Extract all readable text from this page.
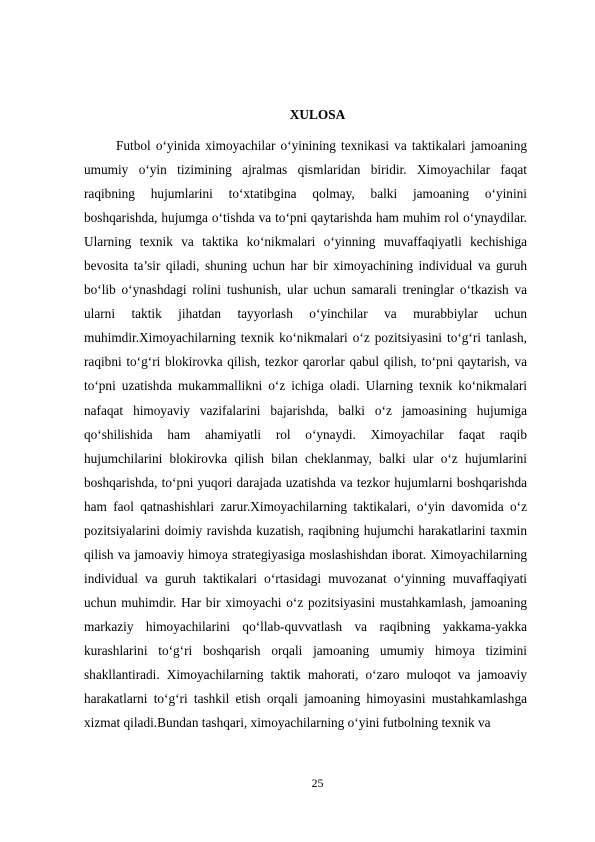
XULOSA

Futbol o‘yinida ximoyachilar o‘yinining texnikasi va taktikalari jamoaning umumiy o‘yin tizimining ajralmas qismlaridan biridir. Ximoyachilar faqat raqibning hujumlarini to‘xtatibgina qolmay, balki jamoaning o‘yinini boshqarishda, hujumga o‘tishda va to‘pni qaytarishda ham muhim rol o‘ynaydilar. Ularning texnik va taktika ko‘nikmalari o‘yinning muvaffaqiyatli kechishiga bevosita ta’sir qiladi, shuning uchun har bir ximoyachining individual va guruh bo‘lib o‘ynashdagi rolini tushunish, ular uchun samarali treninglar o‘tkazish va ularni taktik jihatdan tayyorlash o‘yinchilar va murabbiylar uchun muhimdir.Ximoyachilarning texnik ko‘nikmalari o‘z pozitsiyasini to‘g‘ri tanlash, raqibni to‘g‘ri blokirovka qilish, tezkor qarorlar qabul qilish, to‘pni qaytarish, va to‘pni uzatishda mukammallikni o‘z ichiga oladi. Ularning texnik ko‘nikmalari nafaqat himoyaviy vazifalarini bajarishda, balki o‘z jamoasining hujumiga qo‘shilishida ham ahamiyatli rol o‘ynaydi. Ximoyachilar faqat raqib hujumchilarini blokirovka qilish bilan cheklanmay, balki ular o‘z hujumlarini boshqarishda, to‘pni yuqori darajada uzatishda va tezkor hujumlarni boshqarishda ham faol qatnashishlari zarur.Ximoyachilarning taktikalari, o‘yin davomida o‘z pozitsiyalarini doimiy ravishda kuzatish, raqibning hujumchi harakatlarini taxmin qilish va jamoaviy himoya strategiyasiga moslashishdan iborat. Ximoyachilarning individual va guruh taktikalari o‘rtasidagi muvozanat o‘yinning muvaffaqiyati uchun muhimdir. Har bir ximoyachi o‘z pozitsiyasini mustahkamlash, jamoaning markaziy himoyachilarini qo‘llab-quvvatlash va raqibning yakkama-yakka kurashlarini to‘g‘ri boshqarish orqali jamoaning umumiy himoya tizimini shakllantiradi. Ximoyachilarning taktik mahorati, o‘zaro muloqot va jamoaviy harakatlarni to‘g‘ri tashkil etish orqali jamoaning himoyasini mustahkamlashga xizmat qiladi.Bundan tashqari, ximoyachilarning o‘yini futbolning texnik va

25
